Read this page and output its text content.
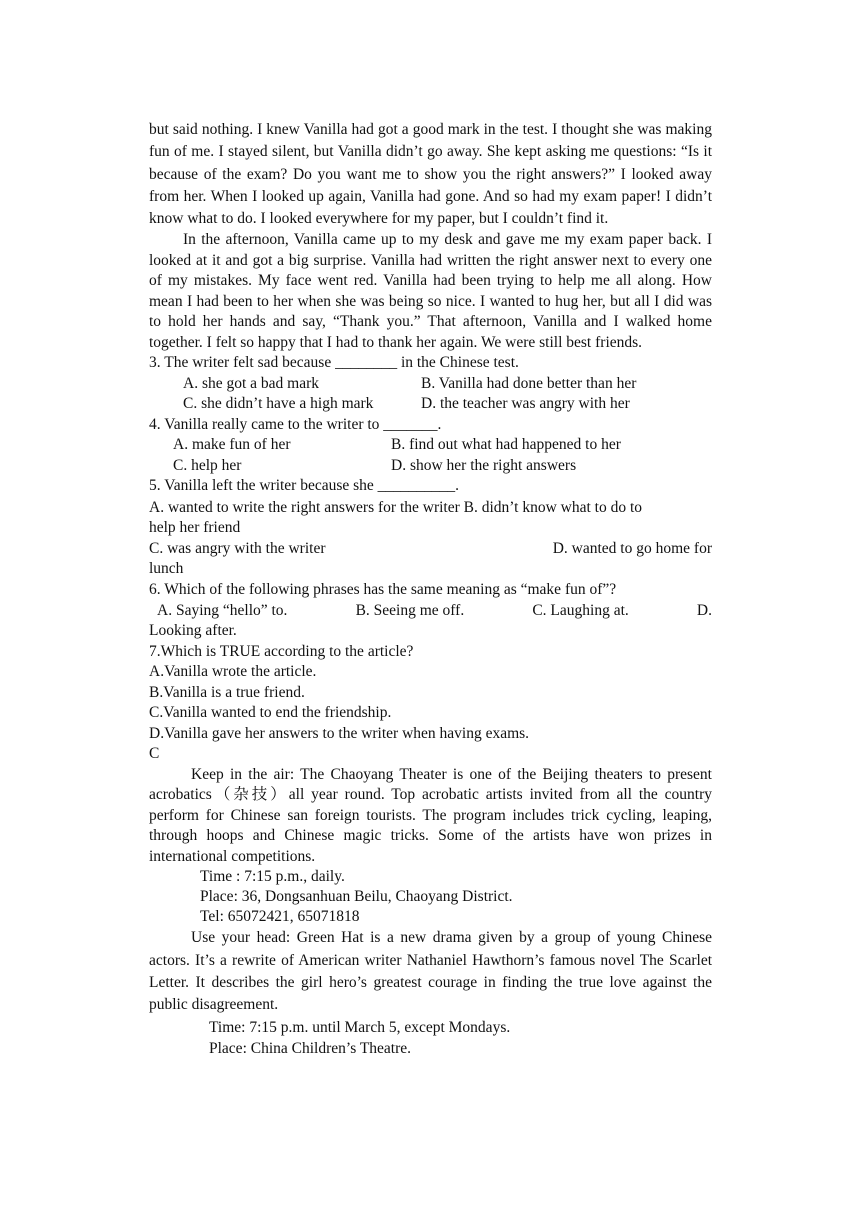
but said nothing. I knew Vanilla had got a good mark in the test. I thought she was making fun of me. I stayed silent, but Vanilla didn’t go away. She kept asking me questions: “Is it because of the exam? Do you want me to show you the right answers?” I looked away from her. When I looked up again, Vanilla had gone. And so had my exam paper! I didn’t know what to do. I looked everywhere for my paper, but I couldn’t find it.

In the afternoon, Vanilla came up to my desk and gave me my exam paper back. I looked at it and got a big surprise. Vanilla had written the right answer next to every one of my mistakes. My face went red. Vanilla had been trying to help me all along. How mean I had been to her when she was being so nice. I wanted to hug her, but all I did was to hold her hands and say, “Thank you.” That afternoon, Vanilla and I walked home together. I felt so happy that I had to thank her again. We were still best friends.

3. The writer felt sad because ________ in the Chinese test.
A. she got a bad mark	B. Vanilla had done better than her
C. she didn’t have a high mark	D. the teacher was angry with her
4. Vanilla really came to the writer to _______.
A. make fun of her	B. find out what had happened to her
C. help her	D. show her the right answers
5. Vanilla left the writer because she __________.
A. wanted to write the right answers for the writer B. didn’t know what to do to
help her friend
C. was angry with the writer	D. wanted to go home for
lunch
6. Which of the following phrases has the same meaning as “make fun of”?
A. Saying “hello” to.	B. Seeing me off.	C. Laughing at.	D.
Looking after.
7.Which is TRUE according to the article?
A.Vanilla wrote the article.
B.Vanilla is a true friend.
C.Vanilla wanted to end the friendship.
D.Vanilla gave her answers to the writer when having exams.
C

Keep in the air: The Chaoyang Theater is one of the Beijing theaters to present acrobatics（杂技）all year round. Top acrobatic artists invited from all the country perform for Chinese san foreign tourists. The program includes trick cycling, leaping, through hoops and Chinese magic tricks. Some of the artists have won prizes in international competitions.

Time : 7:15 p.m., daily.
Place: 36, Dongsanhuan Beilu, Chaoyang District.
Tel: 65072421, 65071818

Use your head: Green Hat is a new drama given by a group of young Chinese actors. It’s a rewrite of American writer Nathaniel Hawthorn’s famous novel The Scarlet Letter. It describes the girl hero’s greatest courage in finding the true love against the public disagreement.

Time: 7:15 p.m. until March 5, except Mondays.
Place: China Children’s Theatre.
